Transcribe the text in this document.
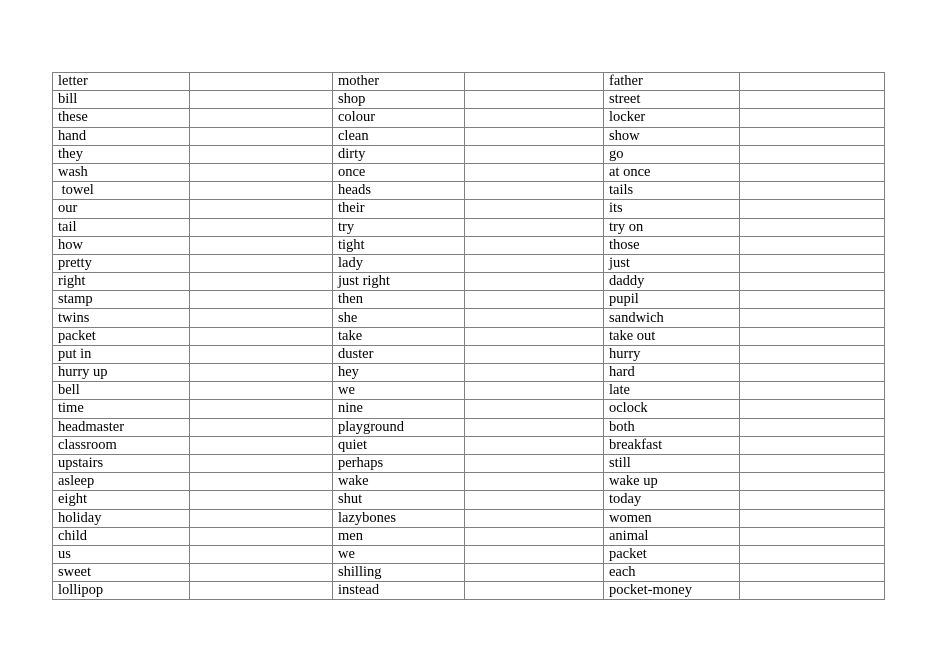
letter		mother		father	
bill		shop		street	
these		colour		locker	
hand		clean		show	
they		dirty		go	
wash		once		at once	
towel		heads		tails	
our		their		its	
tail		try		try on	
how		tight		those	
pretty		lady		just	
right		just right		daddy	
stamp		then		pupil	
twins		she		sandwich	
packet		take		take out	
put in		duster		hurry	
hurry up		hey		hard	
bell		we		late	
time		nine		oclock	
headmaster		playground		both	
classroom		quiet		breakfast	
upstairs		perhaps		still	
asleep		wake		wake up	
eight		shut		today	
holiday		lazybones		women	
child		men		animal	
us		we		packet	
sweet		shilling		each	
lollipop		instead		pocket-money	
